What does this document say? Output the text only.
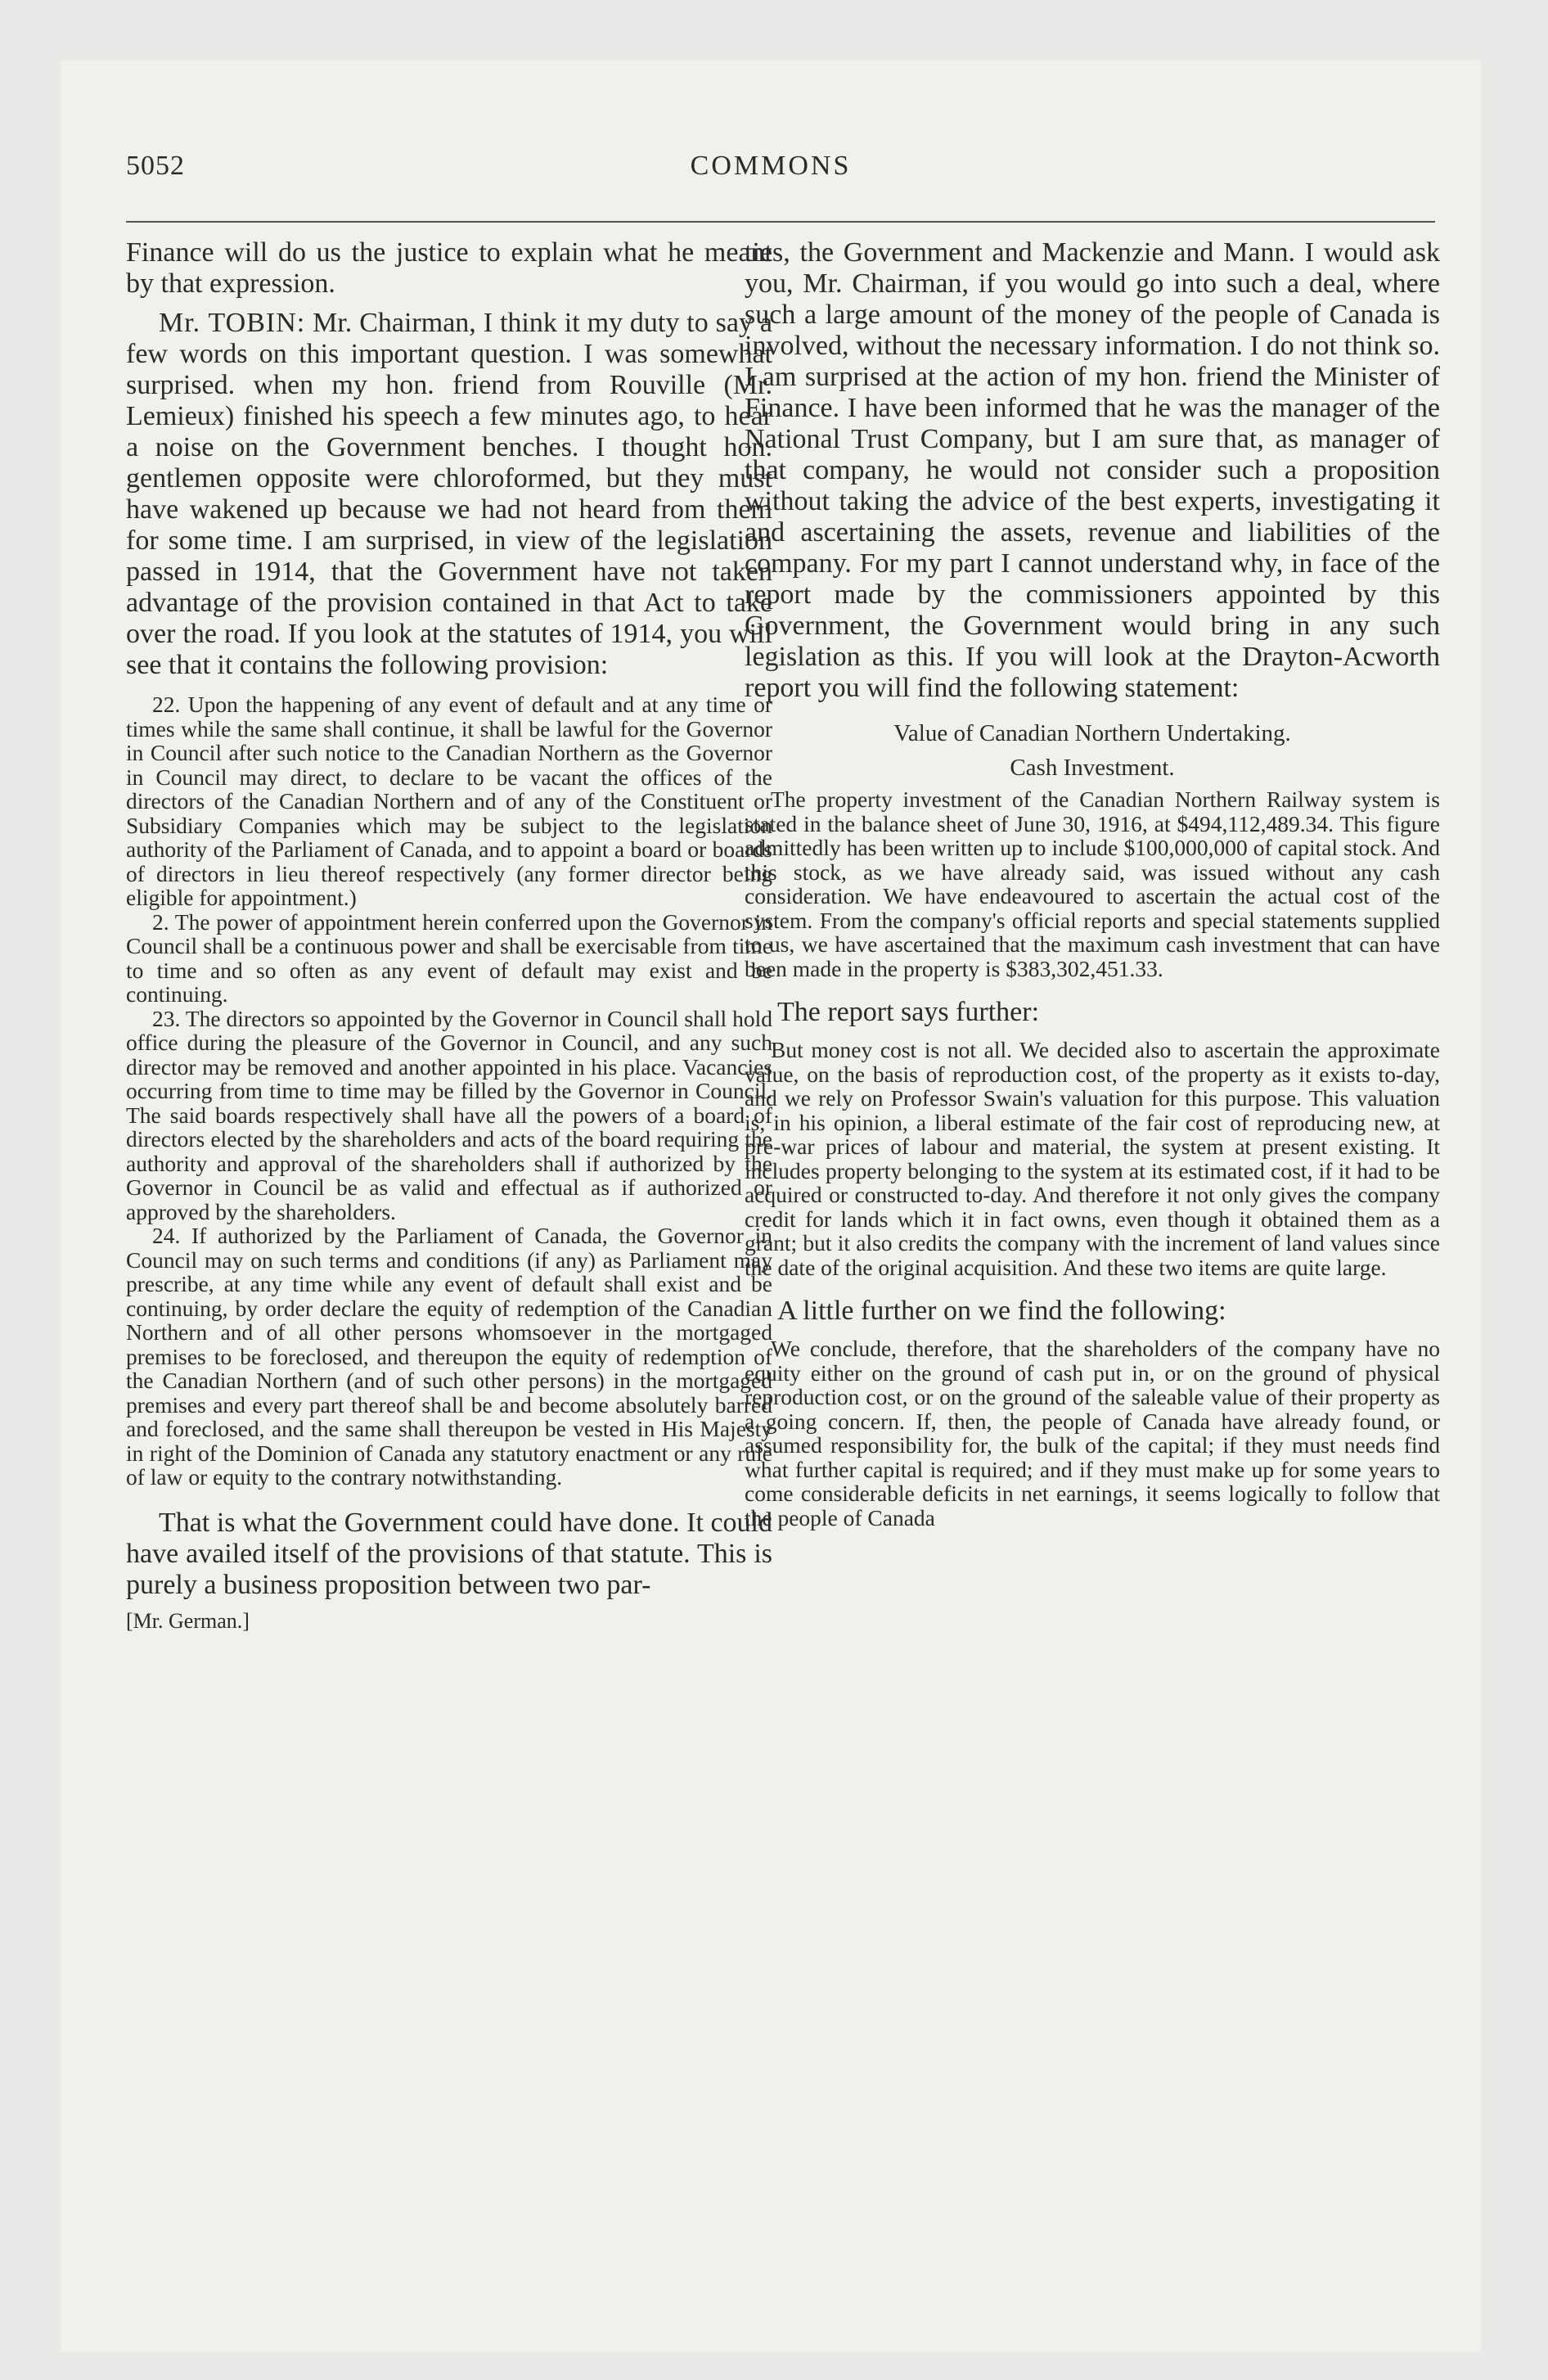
5052	COMMONS

Finance will do us the justice to explain what he meant by that expression.

Mr. TOBIN: Mr. Chairman, I think it my duty to say a few words on this important question. I was somewhat surprised. when my hon. friend from Rouville (Mr. Lemieux) finished his speech a few minutes ago, to hear a noise on the Government benches. I thought hon. gentlemen opposite were chloroformed, but they must have wakened up because we had not heard from them for some time. I am surprised, in view of the legislation passed in 1914, that the Government have not taken advantage of the provision contained in that Act to take over the road. If you look at the statutes of 1914, you will see that it contains the following provision:

22. Upon the happening of any event of default and at any time or times while the same shall continue, it shall be lawful for the Governor in Council after such notice to the Canadian Northern as the Governor in Council may direct, to declare to be vacant the offices of the directors of the Canadian Northern and of any of the Constituent or Subsidiary Companies which may be subject to the legislation authority of the Parliament of Canada, and to appoint a board or boards of directors in lieu thereof respectively (any former director being eligible for appointment.)

2. The power of appointment herein conferred upon the Governor in Council shall be a continuous power and shall be exercisable from time to time and so often as any event of default may exist and be continuing.

23. The directors so appointed by the Governor in Council shall hold office during the pleasure of the Governor in Council, and any such director may be removed and another appointed in his place. Vacancies occurring from time to time may be filled by the Governor in Council. The said boards respectively shall have all the powers of a board of directors elected by the shareholders and acts of the board requiring the authority and approval of the shareholders shall if authorized by the Governor in Council be as valid and effectual as if authorized or approved by the shareholders.

24. If authorized by the Parliament of Canada, the Governor in Council may on such terms and conditions (if any) as Parliament may prescribe, at any time while any event of default shall exist and be continuing, by order declare the equity of redemption of the Canadian Northern and of all other persons whomsoever in the mortgaged premises to be foreclosed, and thereupon the equity of redemption of the Canadian Northern (and of such other persons) in the mortgaged premises and every part thereof shall be and become absolutely barred and foreclosed, and the same shall thereupon be vested in His Majesty in right of the Dominion of Canada any statutory enactment or any rule of law or equity to the contrary notwithstanding.

That is what the Government could have done. It could have availed itself of the provisions of that statute. This is purely a business proposition between two par-

[Mr. German.]

ties, the Government and Mackenzie and Mann. I would ask you, Mr. Chairman, if you would go into such a deal, where such a large amount of the money of the people of Canada is involved, without the necessary information. I do not think so. I am surprised at the action of my hon. friend the Minister of Finance. I have been informed that he was the manager of the National Trust Company, but I am sure that, as manager of that company, he would not consider such a proposition without taking the advice of the best experts, investigating it and ascertaining the assets, revenue and liabilities of the company. For my part I cannot understand why, in face of the report made by the commissioners appointed by this Government, the Government would bring in any such legislation as this. If you will look at the Drayton-Acworth report you will find the following statement:

Value of Canadian Northern Undertaking.

Cash Investment.

The property investment of the Canadian Northern Railway system is stated in the balance sheet of June 30, 1916, at $494,112,489.34. This figure admittedly has been written up to include $100,000,000 of capital stock. And this stock, as we have already said, was issued without any cash consideration. We have endeavoured to ascertain the actual cost of the system. From the company's official reports and special statements supplied to us, we have ascertained that the maximum cash investment that can have been made in the property is $383,302,451.33.

The report says further:

But money cost is not all. We decided also to ascertain the approximate value, on the basis of reproduction cost, of the property as it exists to-day, and we rely on Professor Swain's valuation for this purpose. This valuation is, in his opinion, a liberal estimate of the fair cost of reproducing new, at pre-war prices of labour and material, the system at present existing. It includes property belonging to the system at its estimated cost, if it had to be acquired or constructed to-day. And therefore it not only gives the company credit for lands which it in fact owns, even though it obtained them as a grant; but it also credits the company with the increment of land values since the date of the original acquisition. And these two items are quite large.

A little further on we find the following:

We conclude, therefore, that the shareholders of the company have no equity either on the ground of cash put in, or on the ground of physical reproduction cost, or on the ground of the saleable value of their property as a going concern. If, then, the people of Canada have already found, or assumed responsibility for, the bulk of the capital; if they must needs find what further capital is required; and if they must make up for some years to come considerable deficits in net earnings, it seems logically to follow that the people of Canada
